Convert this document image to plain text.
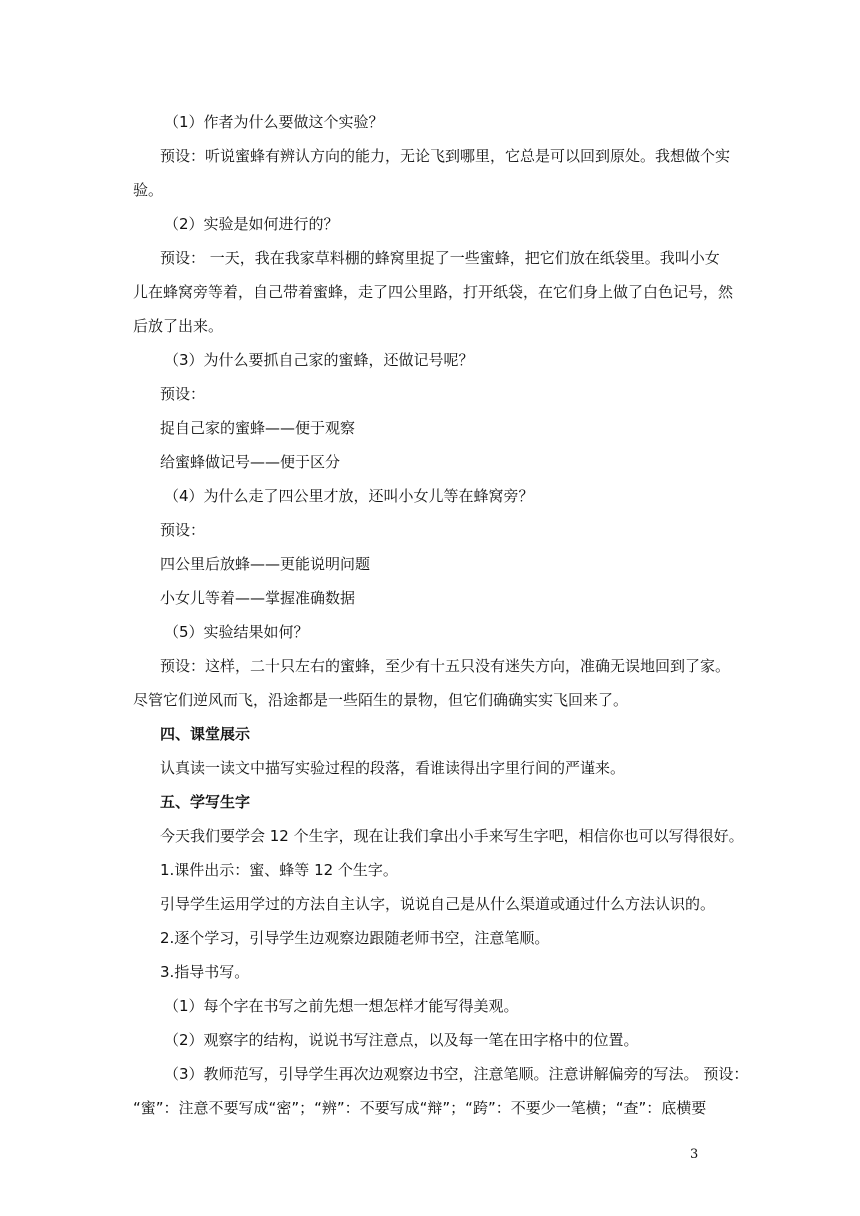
（1）作者为什么要做这个实验？
预设：听说蜜蜂有辨认方向的能力，无论飞到哪里，它总是可以回到原处。我想做个实
验。
（2）实验是如何进行的？
预设： 一天，我在我家草料棚的蜂窝里捉了一些蜜蜂，把它们放在纸袋里。我叫小女
儿在蜂窝旁等着，自己带着蜜蜂，走了四公里路，打开纸袋，在它们身上做了白色记号，然
后放了出来。
（3）为什么要抓自己家的蜜蜂，还做记号呢？
预设：
捉自己家的蜜蜂——便于观察
给蜜蜂做记号——便于区分
（4）为什么走了四公里才放，还叫小女儿等在蜂窝旁？
预设：
四公里后放蜂——更能说明问题
小女儿等着——掌握准确数据
（5）实验结果如何？
预设：这样，二十只左右的蜜蜂，至少有十五只没有迷失方向，准确无误地回到了家。
尽管它们逆风而飞，沿途都是一些陌生的景物，但它们确确实实飞回来了。
四、课堂展示
认真读一读文中描写实验过程的段落，看谁读得出字里行间的严谨来。
五、学写生字
今天我们要学会 12 个生字，现在让我们拿出小手来写生字吧，相信你也可以写得很好。
1.课件出示：蜜、蜂等 12 个生字。
引导学生运用学过的方法自主认字，说说自己是从什么渠道或通过什么方法认识的。
2.逐个学习，引导学生边观察边跟随老师书空，注意笔顺。
3.指导书写。
（1）每个字在书写之前先想一想怎样才能写得美观。
（2）观察字的结构，说说书写注意点，以及每一笔在田字格中的位置。
（3）教师范写，引导学生再次边观察边书空，注意笔顺。注意讲解偏旁的写法。 预设：
“蜜”：注意不要写成“密”；“辨”：不要写成“辩”；“跨”：不要少一笔横；“查”：底横要
3
